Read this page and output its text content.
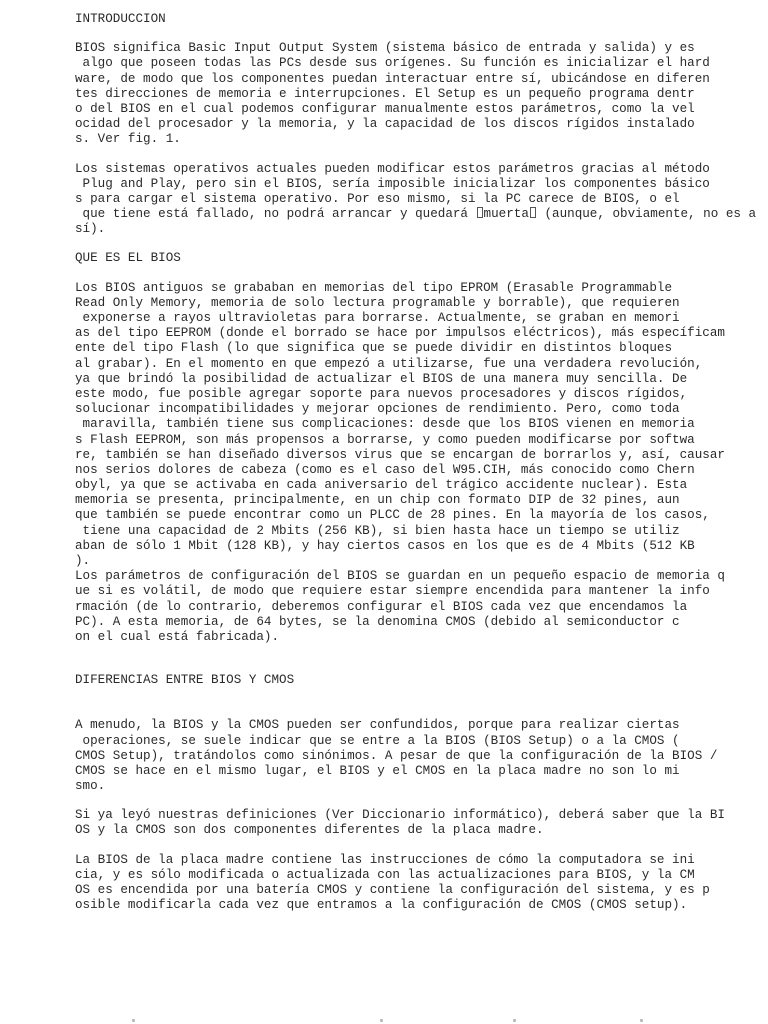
INTRODUCCION
BIOS significa Basic Input Output System (sistema básico de entrada y salida) y es
algo que poseen todas las PCs desde sus orígenes. Su función es inicializar el hard
ware, de modo que los componentes puedan interactuar entre sí, ubicándose en diferen
tes direcciones de memoria e interrupciones. El Setup es un pequeño programa dentr
o del BIOS en el cual podemos configurar manualmente estos parámetros, como la vel
ocidad del procesador y la memoria, y la capacidad de los discos rígidos instalado
s. Ver fig. 1.
Los sistemas operativos actuales pueden modificar estos parámetros gracias al método
Plug and Play, pero sin el BIOS, sería imposible inicializar los componentes básico
s para cargar el sistema operativo. Por eso mismo, si la PC carece de BIOS, o el
que tiene está fallado, no podrá arrancar y quedará muerta (aunque, obviamente, no es a
sí).
QUE ES EL BIOS
Los BIOS antiguos se grababan en memorias del tipo EPROM (Erasable Programmable
Read Only Memory, memoria de solo lectura programable y borrable), que requieren
exponerse a rayos ultravioletas para borrarse. Actualmente, se graban en memori
as del tipo EEPROM (donde el borrado se hace por impulsos eléctricos), más específicam
ente del tipo Flash (lo que significa que se puede dividir en distintos bloques
al grabar). En el momento en que empezó a utilizarse, fue una verdadera revolución,
ya que brindó la posibilidad de actualizar el BIOS de una manera muy sencilla. De
este modo, fue posible agregar soporte para nuevos procesadores y discos rígidos,
solucionar incompatibilidades y mejorar opciones de rendimiento. Pero, como toda
maravilla, también tiene sus complicaciones: desde que los BIOS vienen en memoria
s Flash EEPROM, son más propensos a borrarse, y como pueden modificarse por softwa
re, también se han diseñado diversos virus que se encargan de borrarlos y, así, causar
nos serios dolores de cabeza (como es el caso del W95.CIH, más conocido como Chern
obyl, ya que se activaba en cada aniversario del trágico accidente nuclear). Esta
memoria se presenta, principalmente, en un chip con formato DIP de 32 pines, aun
que también se puede encontrar como un PLCC de 28 pines. En la mayoría de los casos,
tiene una capacidad de 2 Mbits (256 KB), si bien hasta hace un tiempo se utiliz
aban de sólo 1 Mbit (128 KB), y hay ciertos casos en los que es de 4 Mbits (512 KB
).
Los parámetros de configuración del BIOS se guardan en un pequeño espacio de memoria q
ue si es volátil, de modo que requiere estar siempre encendida para mantener la info
rmación (de lo contrario, deberemos configurar el BIOS cada vez que encendamos la
PC). A esta memoria, de 64 bytes, se la denomina CMOS (debido al semiconductor c
on el cual está fabricada).
DIFERENCIAS ENTRE BIOS Y CMOS
A menudo, la BIOS y la CMOS pueden ser confundidos, porque para realizar ciertas
operaciones, se suele indicar que se entre a la BIOS (BIOS Setup) o a la CMOS (
CMOS Setup), tratándolos como sinónimos. A pesar de que la configuración de la BIOS /
CMOS se hace en el mismo lugar, el BIOS y el CMOS en la placa madre no son lo mi
smo.
Si ya leyó nuestras definiciones (Ver Diccionario informático), deberá saber que la BI
OS y la CMOS son dos componentes diferentes de la placa madre.
La BIOS de la placa madre contiene las instrucciones de cómo la computadora se ini
cia, y es sólo modificada o actualizada con las actualizaciones para BIOS, y la CM
OS es encendida por una batería CMOS y contiene la configuración del sistema, y es p
osible modificarla cada vez que entramos a la configuración de CMOS (CMOS setup).
